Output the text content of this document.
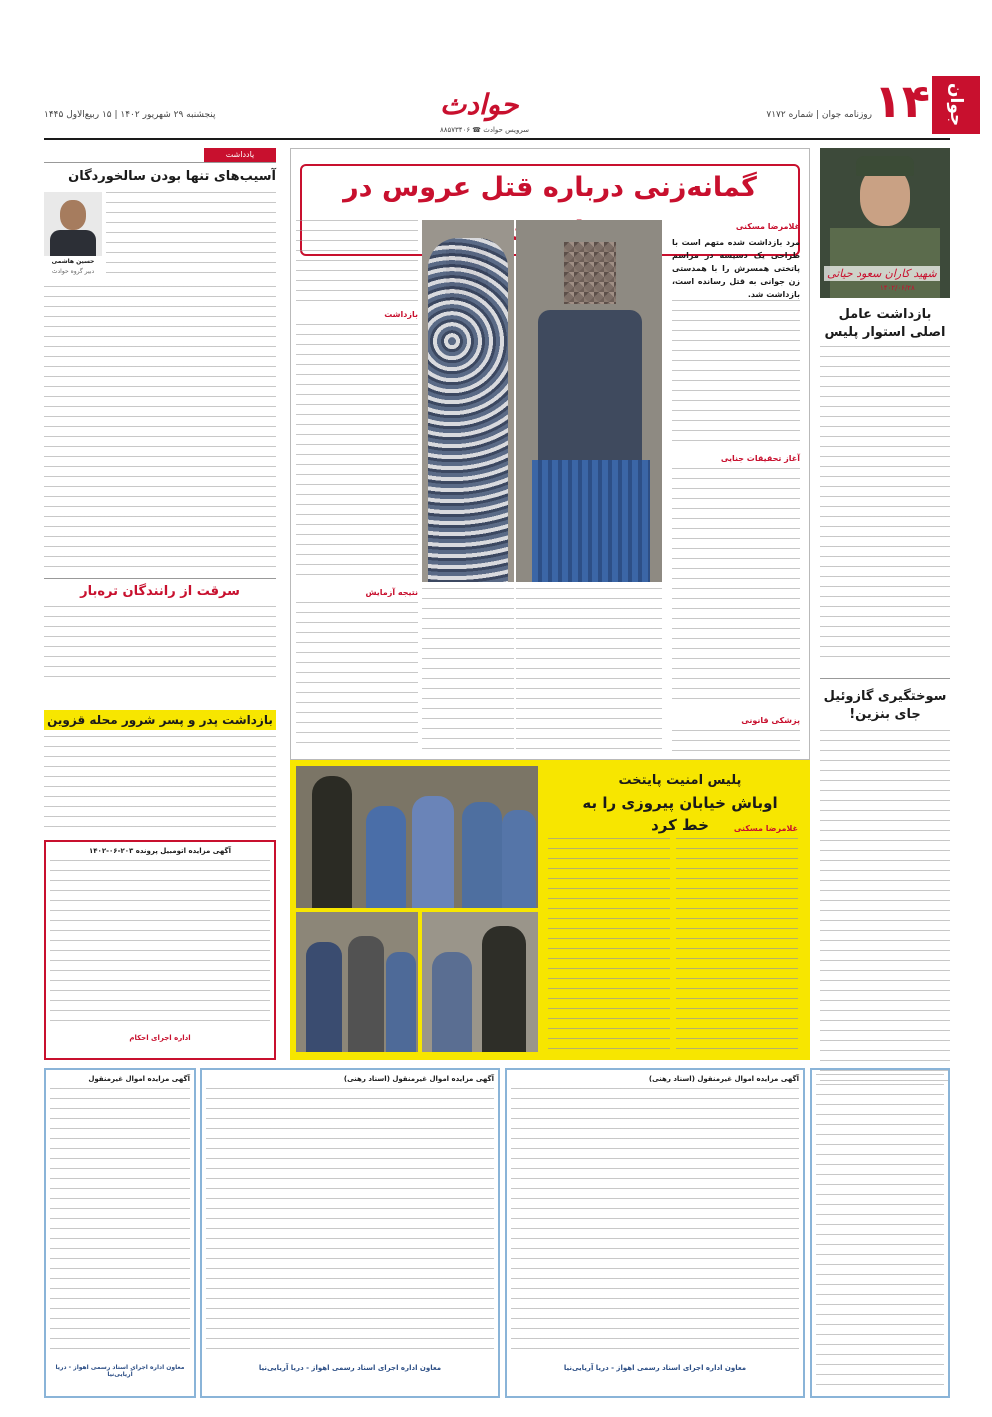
۱۴ جوان
روزنامه جوان | شماره ۷۱۷۲
حوادث
سرویس حوادث ☎ ۸۸۵۷۳۴۰۶
پنجشنبه ۲۹ شهریور ۱۴۰۲ | ۱۵ ربیع‌الاول ۱۴۴۵
شهید کاران سعود حیاتی
۱۴۰۲/۰۶/۲۸
بازداشت عامل اصلی استوار پلیس
سوختگیری گازوئیل جای بنزین!
گمانه‌زنی درباره قتل عروس در
غلامرضا مسکنی
مرد بازداشت شده متهم است با طراحی یک دسیسه در مراسم پاتختی همسرش را با همدستی زن جوانی به قتل رسانده است، بازداشت شد.
آغاز تحقیقات جنایی
پزشکی قانونی
بازداشت
نتیجه آزمایش
یادداشت
آسیب‌های تنها بودن سالخوردگان
حسین هاشمی
دبیر گروه حوادث
سرقت از رانندگان تره‌بار
بازداشت پدر و پسر شرور محله قزوین
آگهی مزایده اتومبیل پرونده ۲۰۳-۰۶-۱۴۰۲
اداره اجرای احکام
پلیس امنیت پایتخت
اوباش خیابان پیروزی را به خط کرد	غلامرضا مسکنی
آگهی مزایده اموال غیرمنقول (اسناد رهنی)
معاون اداره اجرای اسناد رسمی اهواز - دریا آریایی‌نیا
آگهی مزایده اموال غیرمنقول (اسناد رهنی)
معاون اداره اجرای اسناد رسمی اهواز - دریا آریایی‌نیا
آگهی مزایده اموال غیرمنقول
معاون اداره اجرای اسناد رسمی اهواز - دریا آریایی‌نیا
